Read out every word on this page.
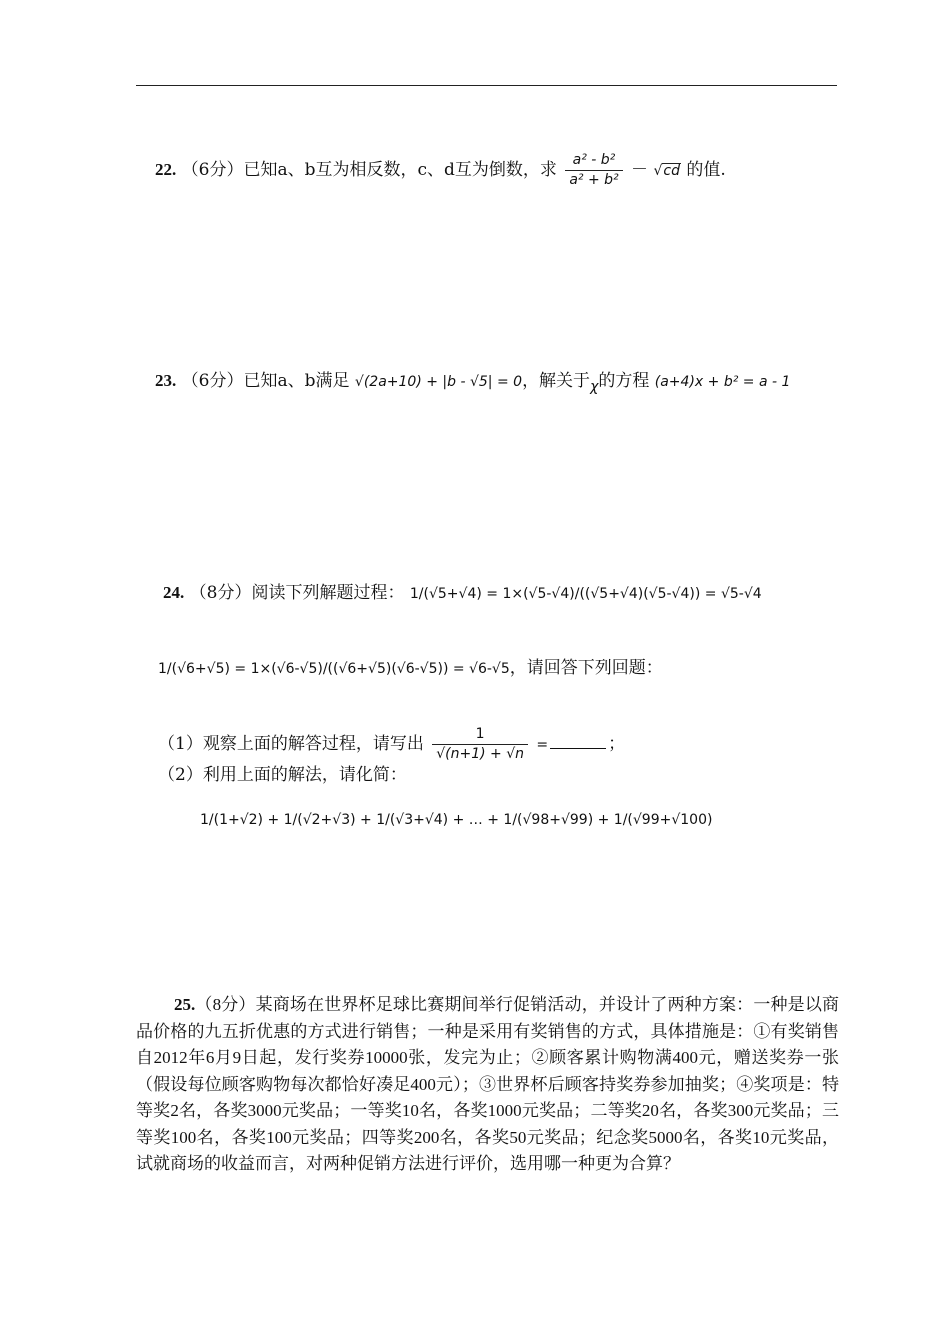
22. （6分）已知a、b互为相反数，c、d互为倒数，求 $\frac{\text{a² - b²}}{\text{a² + b²}} - √cd$ 的值.
23. （6分）已知a、b满足 √(2a+10) + |b - √5| = 0，解关于$_\chi$的方程 (a+4)x + b² = a - 1
24. （8分）阅读下列解题过程： 1/(√5+√4) = 1×(√5-√4)/((√5+√4)(√5-√4)) = √5-√4
1/(√6+√5) = 1×(√6-√5)/((√6+√5)(√6-√5)) = √6-√5，请回答下列回题：
（1）观察上面的解答过程，请写出 $\frac{1}{√(n+1) + √n}$ =	；
（2）利用上面的解法，请化简：
1/(1+√2) + 1/(√2+√3) + 1/(√3+√4) + … + 1/(√98+√99) + 1/(√99+√100)
25.（8分）某商场在世界杯足球比赛期间举行促销活动，并设计了两种方案：一种是以商品价格的九五折优惠的方式进行销售；一种是采用有奖销售的方式，具体措施是：①有奖销售自2012年6月9日起，发行奖券10000张，发完为止；②顾客累计购物满400元，赠送奖券一张（假设每位顾客购物每次都恰好凑足400元）；③世界杯后顾客持奖券参加抽奖；④奖项是：特等奖2名，各奖3000元奖品；一等奖10名，各奖1000元奖品；二等奖20名，各奖300元奖品；三等奖100名，各奖100元奖品；四等奖200名，各奖50元奖品；纪念奖5000名，各奖10元奖品，试就商场的收益而言，对两种促销方法进行评价，选用哪一种更为合算？
